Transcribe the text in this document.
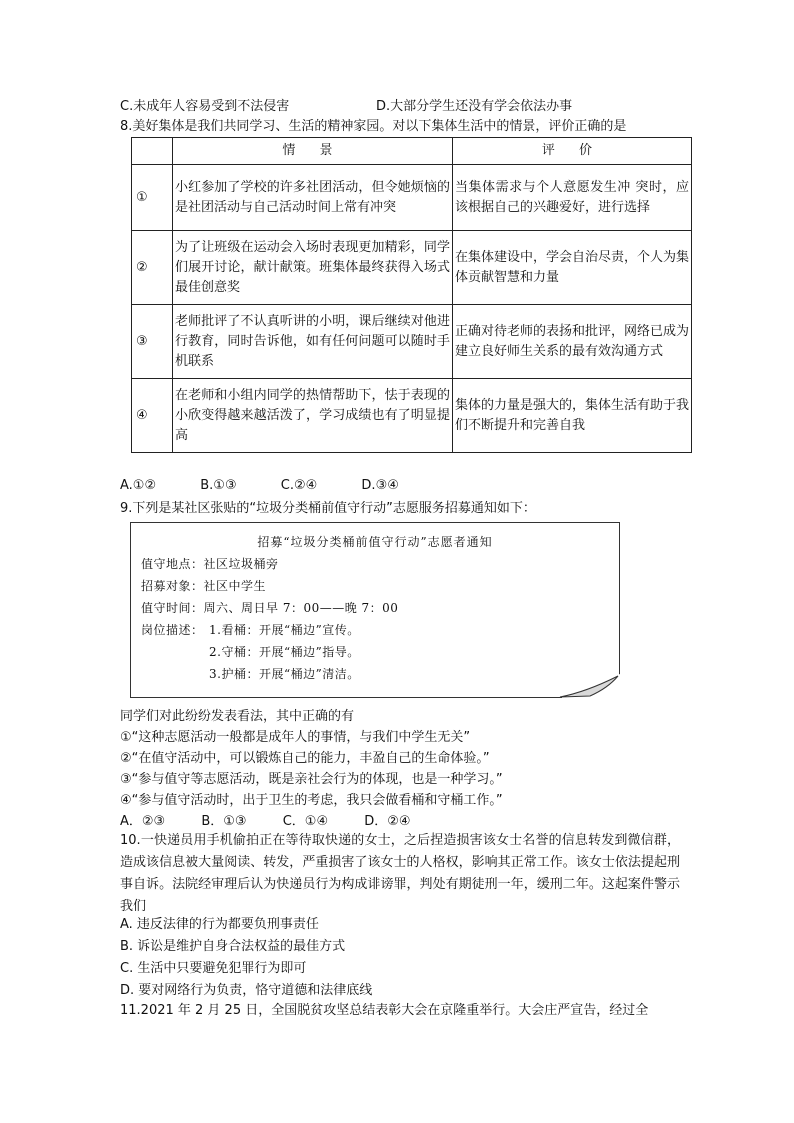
C.未成年人容易受到不法侵害	D.大部分学生还没有学会依法办事
8.美好集体是我们共同学习、生活的精神家园。对以下集体生活中的情景，评价正确的是
	情 景	评 价
①	小红参加了学校的许多社团活动，但令她烦恼的是社团活动与自己活动时间上常有冲突	当集体需求与个人意愿发生冲 突时，应该根据自己的兴趣爱好，进行选择
②	为了让班级在运动会入场时表现更加精彩，同学们展开讨论，献计献策。班集体最终获得入场式最佳创意奖	在集体建设中，学会自治尽责，个人为集体贡献智慧和力量
③	老师批评了不认真听讲的小明，课后继续对他进行教育，同时告诉他，如有任何问题可以随时手机联系	正确对待老师的表扬和批评，网络已成为建立良好师生关系的最有效沟通方式
④	在老师和小组内同学的热情帮助下，怯于表现的小欣变得越来越活泼了，学习成绩也有了明显提高	集体的力量是强大的，集体生活有助于我们不断提升和完善自我
A.①②	B.①③	C.②④	D.③④
9.下列是某社区张贴的“垃圾分类桶前值守行动”志愿服务招募通知如下：
招募“垃圾分类桶前值守行动”志愿者通知
值守地点：社区垃圾桶旁
招募对象：社区中学生
值守时间：周六、周日早 7：00——晚 7：00
岗位描述： 1.看桶：开展“桶边”宣传。
2.守桶：开展“桶边”指导。
3.护桶：开展“桶边”清洁。
同学们对此纷纷发表看法，其中正确的有
①“这种志愿活动一般都是成年人的事情，与我们中学生无关”
②“在值守活动中，可以锻炼自己的能力，丰盈自己的生命体验。”
③“参与值守等志愿活动，既是亲社会行为的体现，也是一种学习。”
④“参与值守活动时，出于卫生的考虑，我只会做看桶和守桶工作。”
A．②③	B．①③	C．①④	D．②④
10.一快递员用手机偷拍正在等待取快递的女士，之后捏造损害该女士名誉的信息转发到微信群，造成该信息被大量阅读、转发，严重损害了该女士的人格权，影响其正常工作。该女士依法提起刑事自诉。法院经审理后认为快递员行为构成诽谤罪，判处有期徒刑一年，缓刑二年。这起案件警示我们
A. 违反法律的行为都要负刑事责任
B. 诉讼是维护自身合法权益的最佳方式
C. 生活中只要避免犯罪行为即可
D. 要对网络行为负责，恪守道德和法律底线
11.2021 年 2 月 25 日，全国脱贫攻坚总结表彰大会在京隆重举行。大会庄严宣告，经过全
